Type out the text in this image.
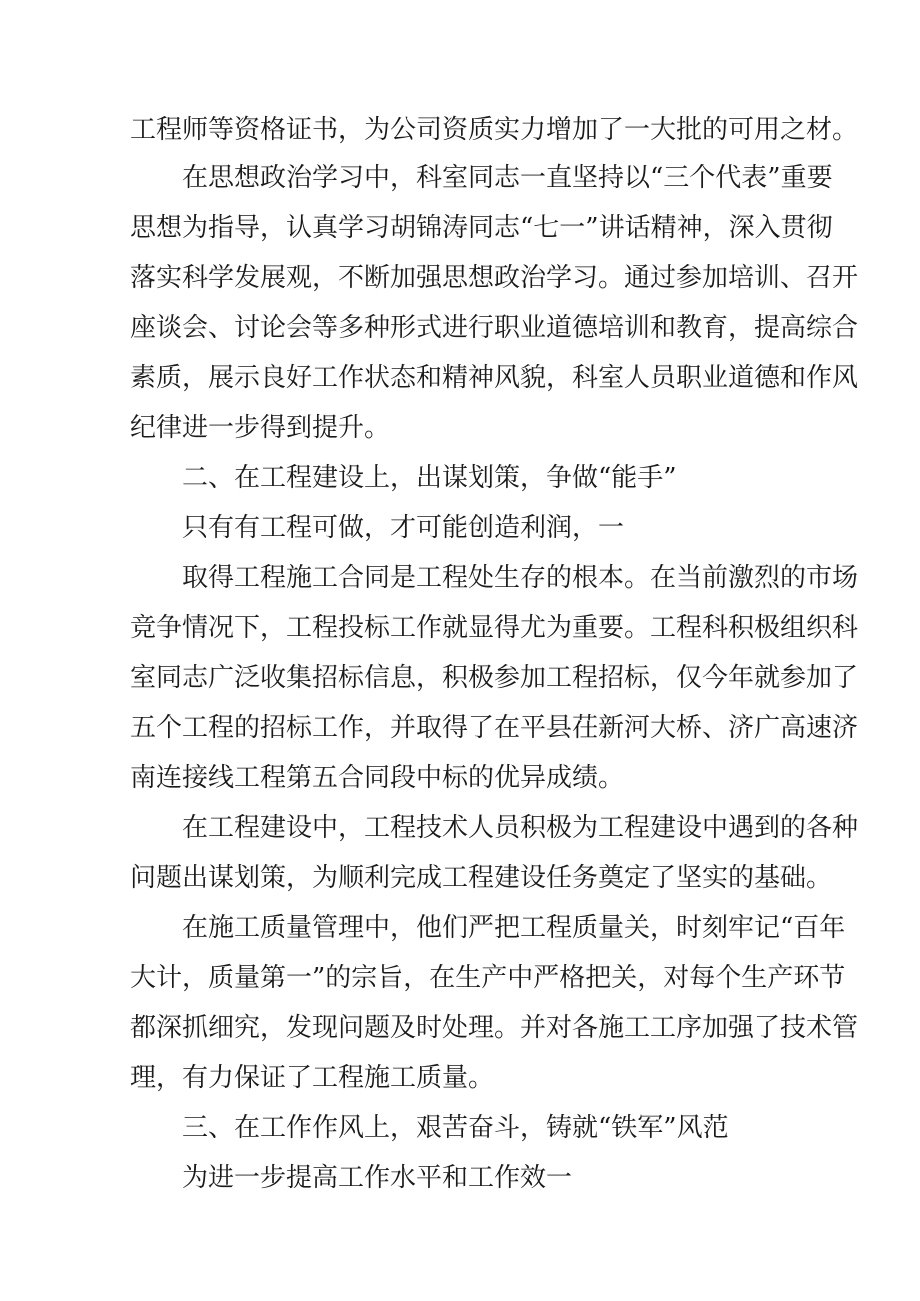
工程师等资格证书，为公司资质实力增加了一大批的可用之材。

在思想政治学习中，科室同志一直坚持以“三个代表”重要

思想为指导，认真学习胡锦涛同志“七一”讲话精神，深入贯彻

落实科学发展观，不断加强思想政治学习。通过参加培训、召开

座谈会、讨论会等多种形式进行职业道德培训和教育，提高综合

素质，展示良好工作状态和精神风貌，科室人员职业道德和作风

纪律进一步得到提升。

二、在工程建设上，出谋划策，争做“能手”

只有有工程可做，才可能创造利润，一

取得工程施工合同是工程处生存的根本。在当前激烈的市场

竞争情况下，工程投标工作就显得尤为重要。工程科积极组织科

室同志广泛收集招标信息，积极参加工程招标，仅今年就参加了

五个工程的招标工作，并取得了在平县茌新河大桥、济广高速济

南连接线工程第五合同段中标的优异成绩。

在工程建设中，工程技术人员积极为工程建设中遇到的各种

问题出谋划策，为顺利完成工程建设任务奠定了坚实的基础。

在施工质量管理中，他们严把工程质量关，时刻牢记“百年

大计，质量第一”的宗旨，在生产中严格把关，对每个生产环节

都深抓细究，发现问题及时处理。并对各施工工序加强了技术管

理，有力保证了工程施工质量。

三、在工作作风上，艰苦奋斗，铸就“铁军”风范

为进一步提高工作水平和工作效一
